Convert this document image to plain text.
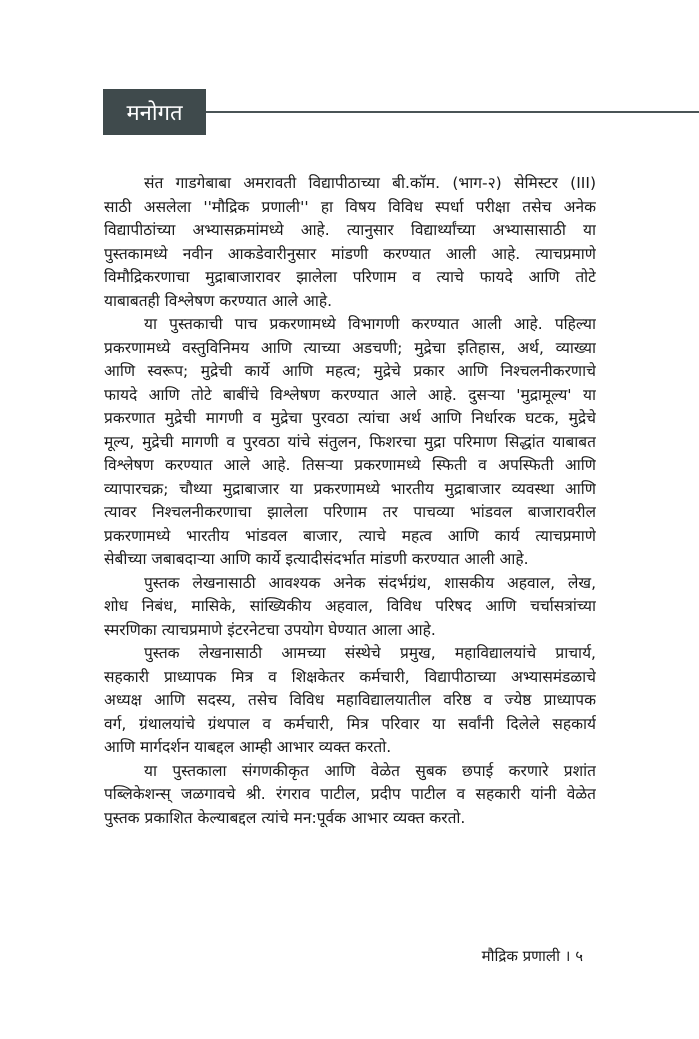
मनोगत
संत गाडगेबाबा अमरावती विद्यापीठाच्या बी.कॉम. (भाग-२) सेमिस्टर (III)
साठी असलेला ''मौद्रिक प्रणाली'' हा विषय विविध स्पर्धा परीक्षा तसेच अनेक
विद्यापीठांच्या अभ्यासक्रमांमध्ये आहे. त्यानुसार विद्यार्थ्यांच्या अभ्यासासाठी या
पुस्तकामध्ये नवीन आकडेवारीनुसार मांडणी करण्यात आली आहे. त्याचप्रमाणे
विमौद्रिकरणाचा मुद्राबाजारावर झालेला परिणाम व त्याचे फायदे आणि तोटे
याबाबतही विश्लेषण करण्यात आले आहे.
या पुस्तकाची पाच प्रकरणामध्ये विभागणी करण्यात आली आहे. पहिल्या
प्रकरणामध्ये वस्तुविनिमय आणि त्याच्या अडचणी; मुद्रेचा इतिहास, अर्थ, व्याख्या
आणि स्वरूप; मुद्रेची कार्ये आणि महत्व; मुद्रेचे प्रकार आणि निश्चलनीकरणाचे
फायदे आणि तोटे बाबींचे विश्लेषण करण्यात आले आहे. दुसऱ्या 'मुद्रामूल्य' या
प्रकरणात मुद्रेची मागणी व मुद्रेचा पुरवठा त्यांचा अर्थ आणि निर्धारक घटक, मुद्रेचे
मूल्य, मुद्रेची मागणी व पुरवठा यांचे संतुलन, फिशरचा मुद्रा परिमाण सिद्धांत याबाबत
विश्लेषण करण्यात आले आहे. तिसऱ्या प्रकरणामध्ये स्फिती व अपस्फिती आणि
व्यापारचक्र; चौथ्या मुद्राबाजार या प्रकरणामध्ये भारतीय मुद्राबाजार व्यवस्था आणि
त्यावर निश्चलनीकरणाचा झालेला परिणाम तर पाचव्या भांडवल बाजारावरील
प्रकरणामध्ये भारतीय भांडवल बाजार, त्याचे महत्व आणि कार्य त्याचप्रमाणे
सेबीच्या जबाबदाऱ्या आणि कार्ये इत्यादीसंदर्भात मांडणी करण्यात आली आहे.
पुस्तक लेखनासाठी आवश्यक अनेक संदर्भग्रंथ, शासकीय अहवाल, लेख,
शोध निबंध, मासिके, सांख्यिकीय अहवाल, विविध परिषद आणि चर्चासत्रांच्या
स्मरणिका त्याचप्रमाणे इंटरनेटचा उपयोग घेण्यात आला आहे.
पुस्तक लेखनासाठी आमच्या संस्थेचे प्रमुख, महाविद्यालयांचे प्राचार्य,
सहकारी प्राध्यापक मित्र व शिक्षकेतर कर्मचारी, विद्यापीठाच्या अभ्यासमंडळाचे
अध्यक्ष आणि सदस्य, तसेच विविध महाविद्यालयातील वरिष्ठ व ज्येष्ठ प्राध्यापक
वर्ग, ग्रंथालयांचे ग्रंथपाल व कर्मचारी, मित्र परिवार या सर्वांनी दिलेले सहकार्य
आणि मार्गदर्शन याबद्दल आम्ही आभार व्यक्त करतो.
या पुस्तकाला संगणकीकृत आणि वेळेत सुबक छपाई करणारे प्रशांत
पब्लिकेशन्स् जळगावचे श्री. रंगराव पाटील, प्रदीप पाटील व सहकारी यांनी वेळेत
पुस्तक प्रकाशित केल्याबद्दल त्यांचे मन:पूर्वक आभार व्यक्त करतो.
मौद्रिक प्रणाली । ५
